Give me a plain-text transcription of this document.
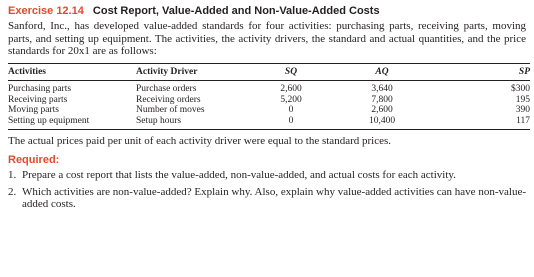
Exercise 12.14 Cost Report, Value-Added and Non-Value-Added Costs

Sanford, Inc., has developed value-added standards for four activities: purchasing parts, receiving parts, moving parts, and setting up equipment. The activities, the activity drivers, the standard and actual quantities, and the price standards for 20x1 are as follows:

Activities	Activity Driver	SQ	AQ	SP
Purchasing parts	Purchase orders	2,600	3,640	$300
Receiving parts	Receiving orders	5,200	7,800	195
Moving parts	Number of moves	0	2,600	390
Setting up equipment	Setup hours	0	10,400	117

The actual prices paid per unit of each activity driver were equal to the standard prices.

Required:
1. Prepare a cost report that lists the value-added, non-value-added, and actual costs for each activity.
2. Which activities are non-value-added? Explain why. Also, explain why value-added activities can have non-value-added costs.
